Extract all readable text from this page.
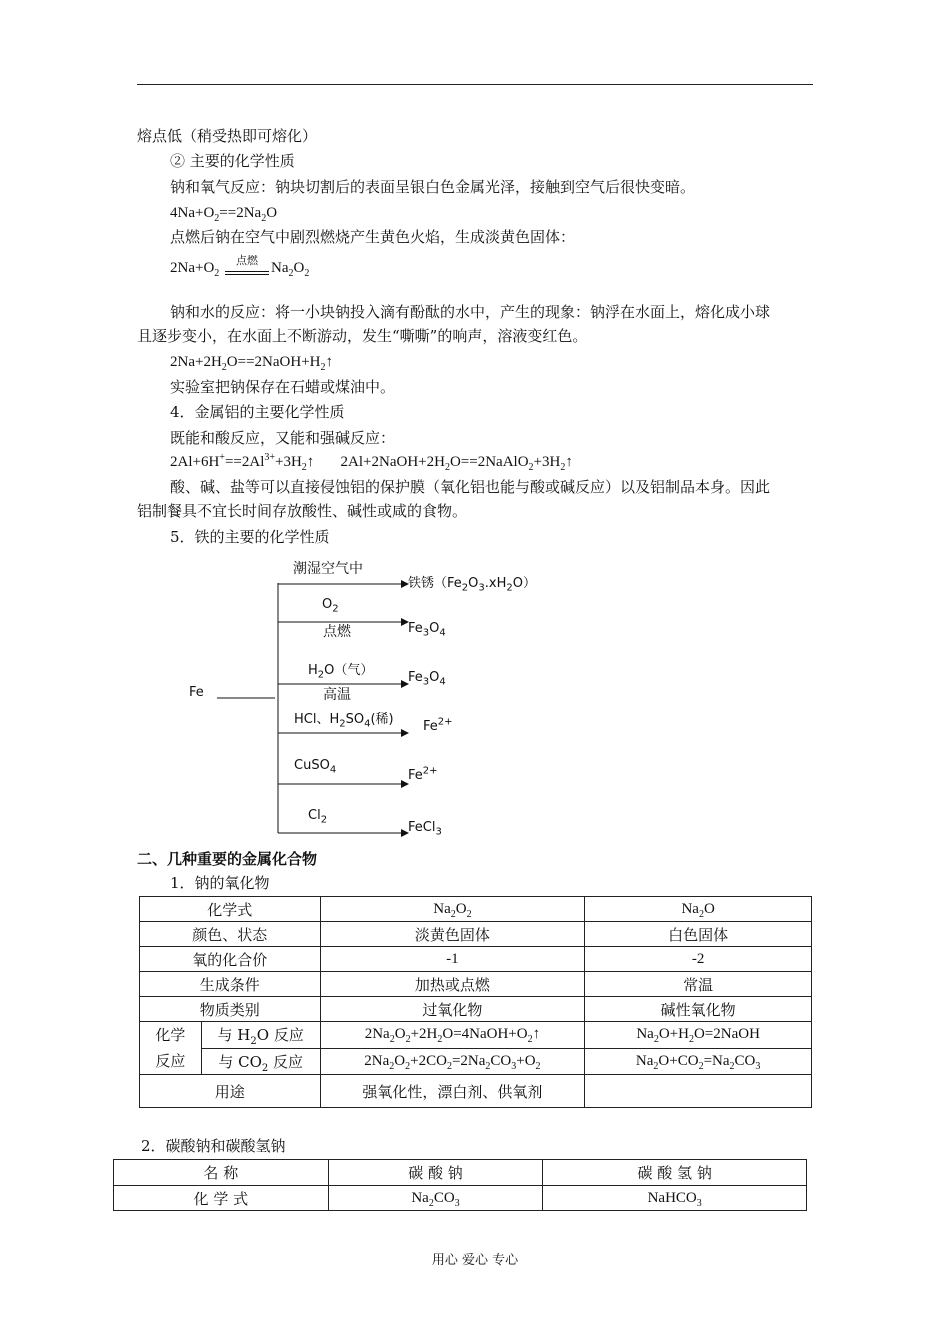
熔点低（稍受热即可熔化）
② 主要的化学性质
钠和氧气反应：钠块切割后的表面呈银白色金属光泽，接触到空气后很快变暗。
$4Na+O_2==2Na_2O$
点燃后钠在空气中剧烈燃烧产生黄色火焰，生成淡黄色固体：
$2Na+O_2$ 点燃 $Na_2O_2$
钠和水的反应：将一小块钠投入滴有酚酞的水中，产生的现象：钠浮在水面上，熔化成小球
且逐步变小，在水面上不断游动，发生“嘶嘶”的响声，溶液变红色。
$2Na+2H_2O==2NaOH+H_2↑$
实验室把钠保存在石蜡或煤油中。
4．金属铝的主要化学性质
既能和酸反应，又能和强碱反应：
$2Al+6H^+==2Al^{3+}+3H_2↑$       $2Al+2NaOH+2H_2O==2NaAlO_2+3H_2↑$
酸、碱、盐等可以直接侵蚀铝的保护膜（氧化铝也能与酸或碱反应）以及铝制品本身。因此
铝制餐具不宜长时间存放酸性、碱性或咸的食物。
5．铁的主要的化学性质
Fe
潮湿空气中
铁锈$(Fe_2O_3.xH_2O)$
$O_2$
点燃	$Fe_3O_4$
$H_2O$（气）
高温
$Fe_3O_4$
HCl、$H_2SO_4$(稀) $Fe^{2+}$
CuSO$_4$	$Fe^{2+}$
$Cl_2$	FeCl$_3$
二、几种重要的金属化合物
1．钠的氧化物
化学式		$Na_2O_2$	$Na_2O$
颜色、状态		淡黄色固体	白色固体
氧的化合价		-1	-2
生成条件		加热或点燃	常温
物质类别		过氧化物	碱性氧化物
化学
反应	与 $H_2O$ 反应	$2Na_2O_2+2H_2O=4NaOH+O_2↑$	$Na_2O+H_2O=2NaOH$
	与 $CO_2$ 反应	$2Na_2O_2+2CO_2=2Na_2CO_3+O_2$	$Na_2O+CO_2=Na_2CO_3$
用途		强氧化性，漂白剂、供氧剂	
2．碳酸钠和碳酸氢钠
名 称	碳 酸 钠	碳 酸 氢 钠
化 学 式	$Na_2CO_3$	NaHCO$_3$
用心 爱心 专心
